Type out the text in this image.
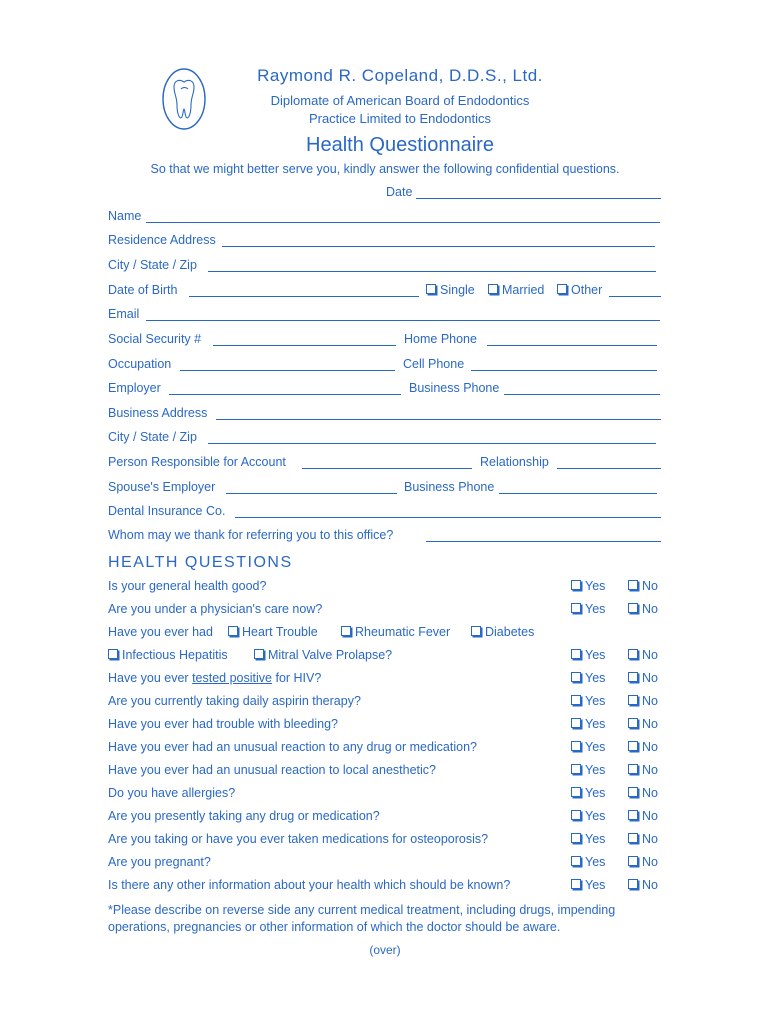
Raymond R. Copeland, D.D.S., Ltd.
Diplomate of American Board of Endodontics
Practice Limited to Endodontics
Health Questionnaire
So that we might better serve you, kindly answer the following confidential questions.
Date
Name
Residence Address
City / State / Zip
Date of Birth	Single	Married	Other
Email
Social Security #	Home Phone
Occupation	Cell Phone
Employer	Business Phone
Business Address
City / State / Zip
Person Responsible for Account	Relationship
Spouse's Employer	Business Phone
Dental Insurance Co.
Whom may we thank for referring you to this office?
HEALTH QUESTIONS
Is your general health good?	Yes	No
Are you under a physician's care now?	Yes	No
Have you ever had	Heart Trouble	Rheumatic Fever	Diabetes
Infectious Hepatitis	Mitral Valve Prolapse?	Yes	No
Have you ever tested positive for HIV?	Yes	No
Are you currently taking daily aspirin therapy?	Yes	No
Have you ever had trouble with bleeding?	Yes	No
Have you ever had an unusual reaction to any drug or medication?	Yes	No
Have you ever had an unusual reaction to local anesthetic?	Yes	No
Do you have allergies?	Yes	No
Are you presently taking any drug or medication?	Yes	No
Are you taking or have you ever taken medications for osteoporosis?	Yes	No
Are you pregnant?	Yes	No
Is there any other information about your health which should be known?	Yes	No
*Please describe on reverse side any current medical treatment, including drugs, impending operations, pregnancies or other information of which the doctor should be aware.
(over)
